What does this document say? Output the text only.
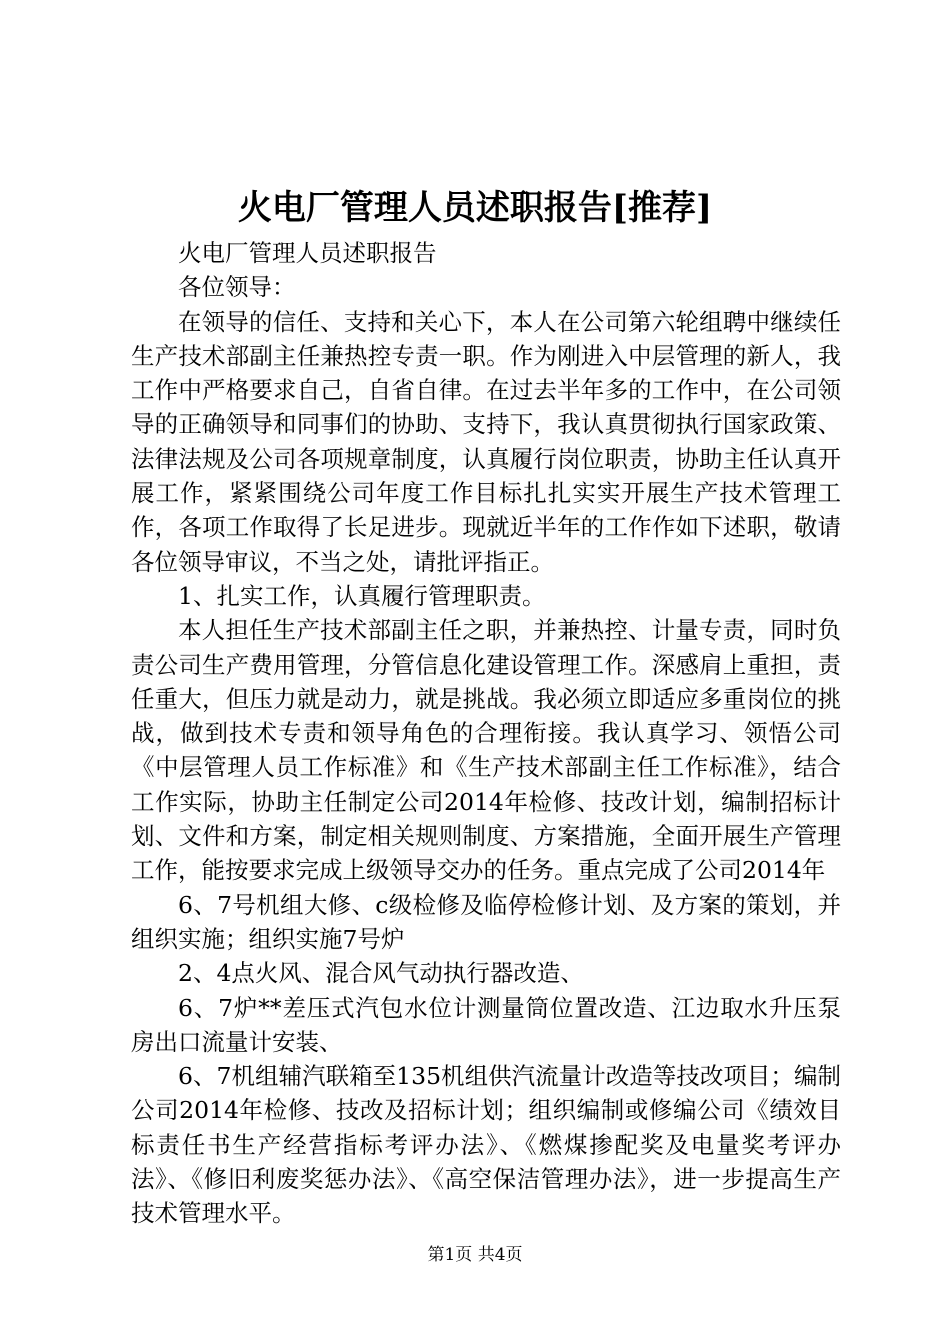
火电厂管理人员述职报告[推荐]

火电厂管理人员述职报告

各位领导：

在领导的信任、支持和关心下，本人在公司第六轮组聘中继续任生产技术部副主任兼热控专责一职。作为刚进入中层管理的新人，我工作中严格要求自己，自省自律。在过去半年多的工作中，在公司领导的正确领导和同事们的协助、支持下，我认真贯彻执行国家政策、法律法规及公司各项规章制度，认真履行岗位职责，协助主任认真开展工作，紧紧围绕公司年度工作目标扎扎实实开展生产技术管理工作，各项工作取得了长足进步。现就近半年的工作作如下述职，敬请各位领导审议，不当之处，请批评指正。

1、扎实工作，认真履行管理职责。

本人担任生产技术部副主任之职，并兼热控、计量专责，同时负责公司生产费用管理，分管信息化建设管理工作。深感肩上重担，责任重大，但压力就是动力，就是挑战。我必须立即适应多重岗位的挑战，做到技术专责和领导角色的合理衔接。我认真学习、领悟公司《中层管理人员工作标准》和《生产技术部副主任工作标准》，结合工作实际，协助主任制定公司2014年检修、技改计划，编制招标计划、文件和方案，制定相关规则制度、方案措施，全面开展生产管理工作，能按要求完成上级领导交办的任务。重点完成了公司2014年

6、7号机组大修、c级检修及临停检修计划、及方案的策划，并组织实施；组织实施7号炉

2、4点火风、混合风气动执行器改造、

6、7炉**差压式汽包水位计测量筒位置改造、江边取水升压泵房出口流量计安装、

6、7机组辅汽联箱至135机组供汽流量计改造等技改项目；编制公司2014年检修、技改及招标计划；组织编制或修编公司《绩效目标责任书生产经营指标考评办法》、《燃煤掺配奖及电量奖考评办法》、《修旧利废奖惩办法》、《高空保洁管理办法》，进一步提高生产技术管理水平。

第1页 共4页
